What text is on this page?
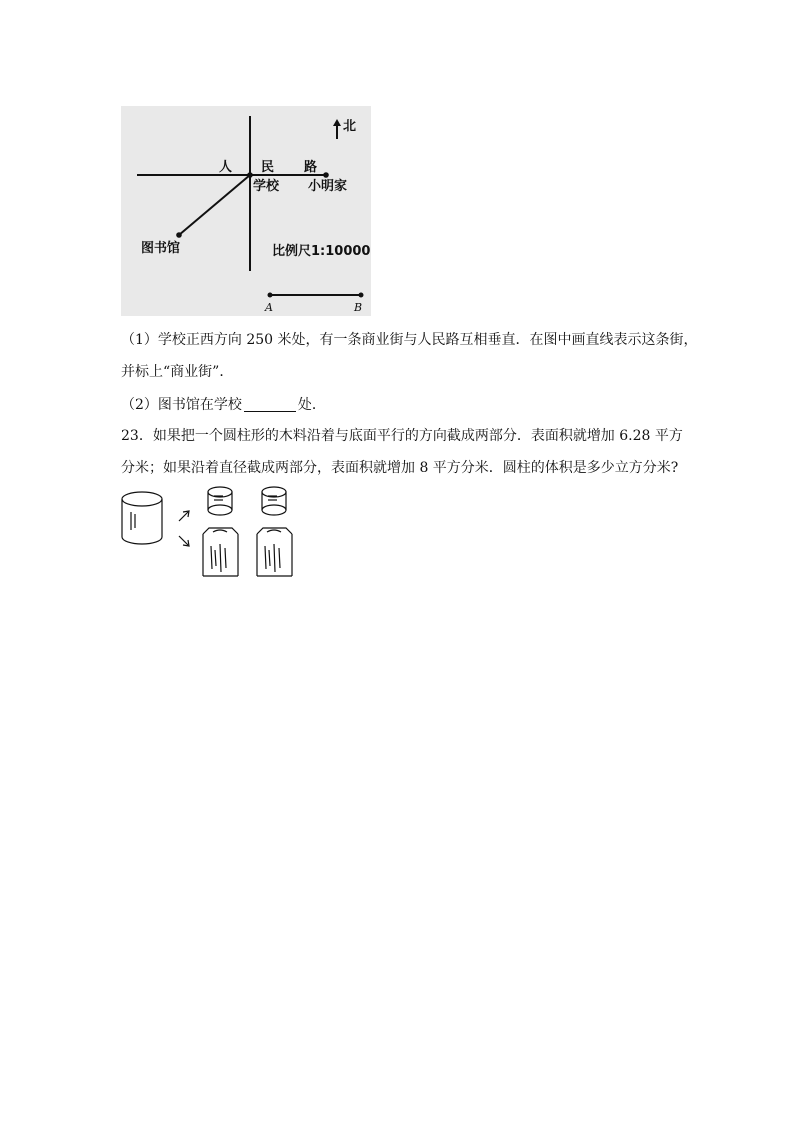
北
人 民 路
学校 小明家
图书馆	比例尺1:10000
A	B
（1）学校正西方向 250 米处，有一条商业街与人民路互相垂直．在图中画直线表示这条街，
并标上“商业街”．
（2）图书馆在学校	处．
23．如果把一个圆柱形的木料沿着与底面平行的方向截成两部分．表面积就增加 6.28 平方
分米；如果沿着直径截成两部分，表面积就增加 8 平方分米．圆柱的体积是多少立方分米?
